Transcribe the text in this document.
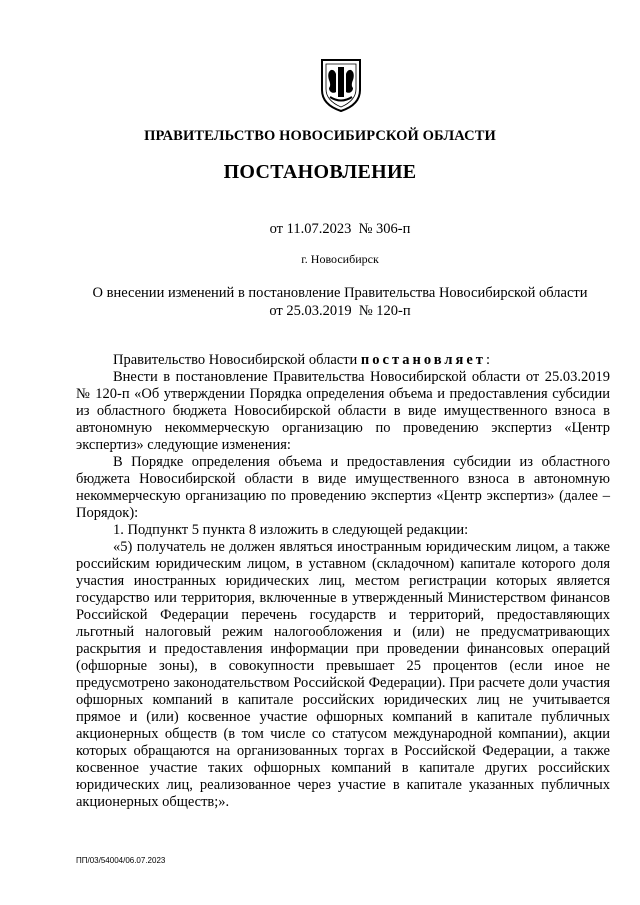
ПРАВИТЕЛЬСТВО НОВОСИБИРСКОЙ ОБЛАСТИ
ПОСТАНОВЛЕНИЕ
от 11.07.2023  № 306-п
г. Новосибирск
О внесении изменений в постановление Правительства Новосибирской области
от 25.03.2019  № 120-п

Правительство Новосибирской области постановляет:

Внести в постановление Правительства Новосибирской области от 25.03.2019 № 120-п «Об утверждении Порядка определения объема и предоставления субсидии из областного бюджета Новосибирской области в виде имущественного взноса в автономную некоммерческую организацию по проведению экспертиз «Центр экспертиз» следующие изменения:

В Порядке определения объема и предоставления субсидии из областного бюджета Новосибирской области в виде имущественного взноса в автономную некоммерческую организацию по проведению экспертиз «Центр экспертиз» (далее – Порядок):

1. Подпункт 5 пункта 8 изложить в следующей редакции:

«5) получатель не должен являться иностранным юридическим лицом, а также российским юридическим лицом, в уставном (складочном) капитале которого доля участия иностранных юридических лиц, местом регистрации которых является государство или территория, включенные в утвержденный Министерством финансов Российской Федерации перечень государств и территорий, предоставляющих льготный налоговый режим налогообложения и (или) не предусматривающих раскрытия и предоставления информации при проведении финансовых операций (офшорные зоны), в совокупности превышает 25 процентов (если иное не предусмотрено законодательством Российской Федерации). При расчете доли участия офшорных компаний в капитале российских юридических лиц не учитывается прямое и (или) косвенное участие офшорных компаний в капитале публичных акционерных обществ (в том числе со статусом международной компании), акции которых обращаются на организованных торгах в Российской Федерации, а также косвенное участие таких офшорных компаний в капитале других российских юридических лиц, реализованное через участие в капитале указанных публичных акционерных обществ;».

ПП/03/54004/06.07.2023
